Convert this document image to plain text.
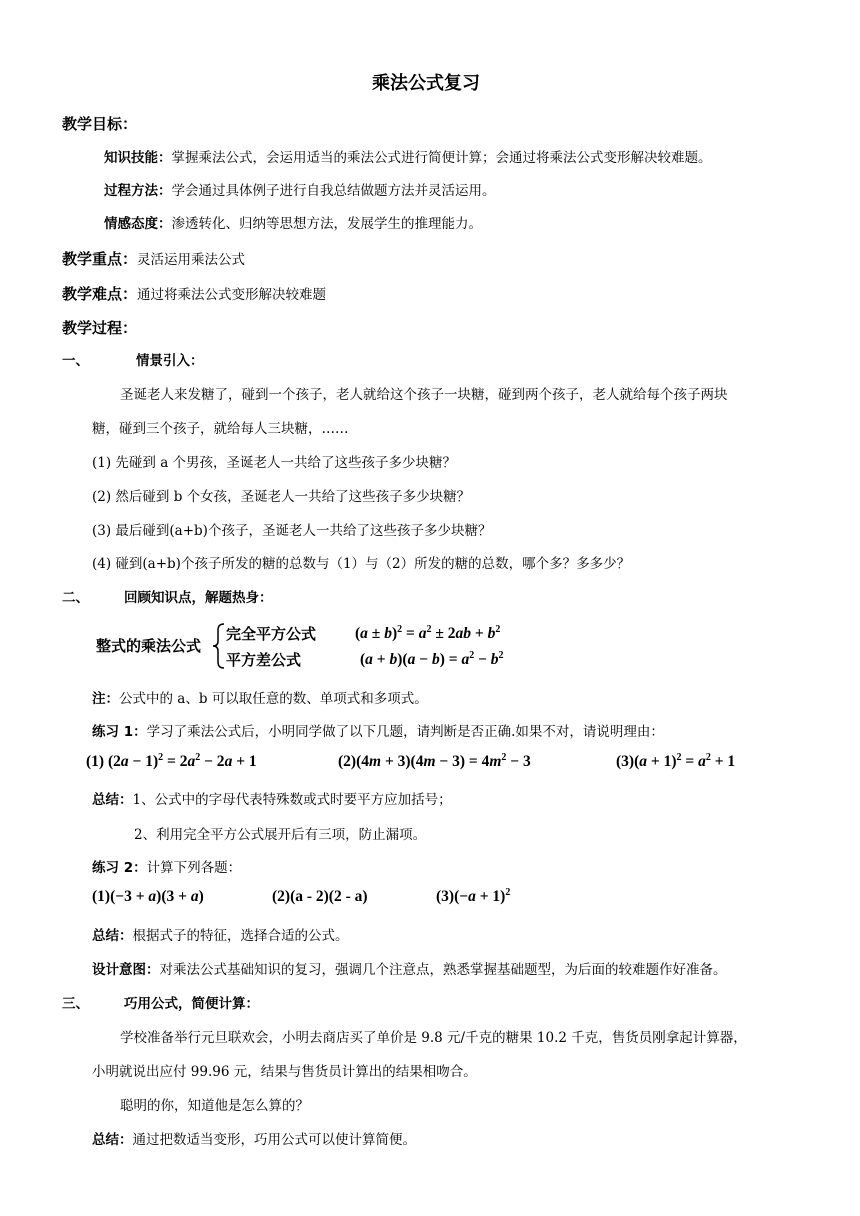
乘法公式复习
教学目标：
知识技能：掌握乘法公式，会运用适当的乘法公式进行简便计算；会通过将乘法公式变形解决较难题。
过程方法：学会通过具体例子进行自我总结做题方法并灵活运用。
情感态度：渗透转化、归纳等思想方法，发展学生的推理能力。
教学重点：灵活运用乘法公式
教学难点：通过将乘法公式变形解决较难题
教学过程：
一、	情景引入：
圣诞老人来发糖了，碰到一个孩子，老人就给这个孩子一块糖，碰到两个孩子，老人就给每个孩子两块
糖，碰到三个孩子，就给每人三块糖，……
(1) 先碰到 a 个男孩，圣诞老人一共给了这些孩子多少块糖？
(2) 然后碰到 b 个女孩，圣诞老人一共给了这些孩子多少块糖？
(3) 最后碰到(a+b)个孩子，圣诞老人一共给了这些孩子多少块糖？
(4) 碰到(a+b)个孩子所发的糖的总数与（1）与（2）所发的糖的总数，哪个多？多多少？
二、	回顾知识点，解题热身：
整式的乘法公式
完全平方公式	$(a \pm b)^2 = a^2 \pm 2ab + b^2$
平方差公式	$(a + b)(a - b) = a^2 - b^2$
注：公式中的 a、b 可以取任意的数、单项式和多项式。
练习 1：学习了乘法公式后，小明同学做了以下几题，请判断是否正确.如果不对，请说明理由：
(1) $(2a - 1)^2 = 2a^2 - 2a + 1$	$(2)(4m + 3)(4m - 3) = 4m^2 - 3$	$(3)(a + 1)^2 = a^2 + 1$
总结：1、公式中的字母代表特殊数或式时要平方应加括号；
2、利用完全平方公式展开后有三项，防止漏项。
练习 2：计算下列各题：
(1)(−3 + a)(3 + a)	(2)(a - 2)(2 - a)	$(3)(-a + 1)^2$
总结：根据式子的特征，选择合适的公式。
设计意图：对乘法公式基础知识的复习，强调几个注意点，熟悉掌握基础题型，为后面的较难题作好准备。
三、	巧用公式，简便计算：
学校准备举行元旦联欢会，小明去商店买了单价是 9.8 元/千克的糖果 10.2 千克，售货员刚拿起计算器，
小明就说出应付 99.96 元，结果与售货员计算出的结果相吻合。
聪明的你，知道他是怎么算的？
总结：通过把数适当变形，巧用公式可以使计算简便。
